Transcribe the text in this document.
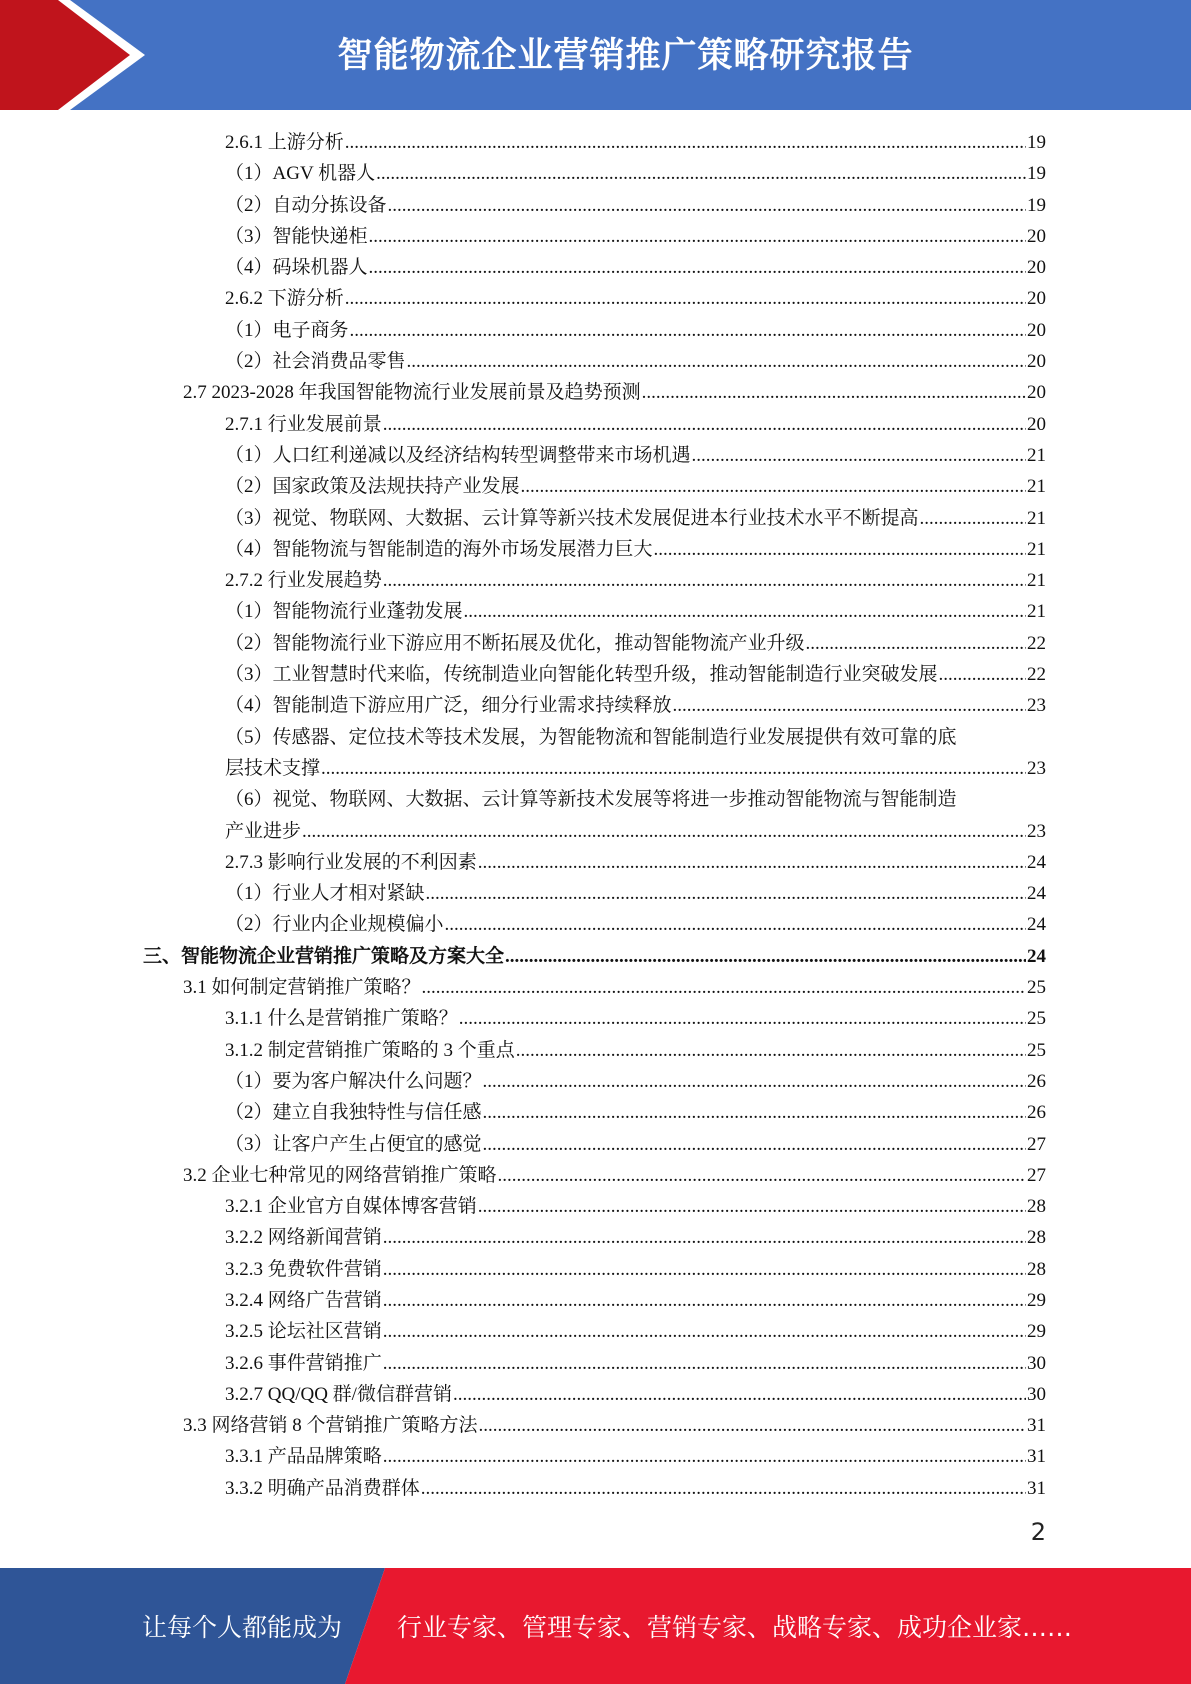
智能物流企业营销推广策略研究报告
2.6.1 上游分析 .....	19
（1）AGV 机器人 .....	19
（2）自动分拣设备 .....	19
（3）智能快递柜 .....	20
（4）码垛机器人 .....	20
2.6.2 下游分析 .....	20
（1）电子商务 .....	20
（2）社会消费品零售 .....	20
2.7 2023-2028 年我国智能物流行业发展前景及趋势预测 .....	20
2.7.1 行业发展前景 .....	20
（1）人口红利递减以及经济结构转型调整带来市场机遇 .....	21
（2）国家政策及法规扶持产业发展 .....	21
（3）视觉、物联网、大数据、云计算等新兴技术发展促进本行业技术水平不断提高 .....	21
（4）智能物流与智能制造的海外市场发展潜力巨大 .....	21
2.7.2 行业发展趋势 .....	21
（1）智能物流行业蓬勃发展 .....	21
（2）智能物流行业下游应用不断拓展及优化，推动智能物流产业升级 .....	22
（3）工业智慧时代来临，传统制造业向智能化转型升级，推动智能制造行业突破发展 .....	22
（4）智能制造下游应用广泛，细分行业需求持续释放 .....	23
（5）传感器、定位技术等技术发展，为智能物流和智能制造行业发展提供有效可靠的底
层技术支撑 .....	23
（6）视觉、物联网、大数据、云计算等新技术发展等将进一步推动智能物流与智能制造
产业进步 .....	23
2.7.3 影响行业发展的不利因素 .....	24
（1）行业人才相对紧缺 .....	24
（2）行业内企业规模偏小 .....	24
三、智能物流企业营销推广策略及方案大全 .....	24
3.1 如何制定营销推广策略？ .....	25
3.1.1 什么是营销推广策略？ .....	25
3.1.2 制定营销推广策略的 3 个重点 .....	25
（1）要为客户解决什么问题？ .....	26
（2）建立自我独特性与信任感 .....	26
（3）让客户产生占便宜的感觉 .....	27
3.2 企业七种常见的网络营销推广策略 .....	27
3.2.1 企业官方自媒体博客营销 .....	28
3.2.2 网络新闻营销 .....	28
3.2.3 免费软件营销 .....	28
3.2.4 网络广告营销 .....	29
3.2.5 论坛社区营销 .....	29
3.2.6 事件营销推广 .....	30
3.2.7 QQ/QQ 群/微信群营销 .....	30
3.3 网络营销 8 个营销推广策略方法 .....	31
3.3.1 产品品牌策略 .....	31
3.3.2 明确产品消费群体 .....	31
2
让每个人都能成为 行业专家、管理专家、营销专家、战略专家、成功企业家……
